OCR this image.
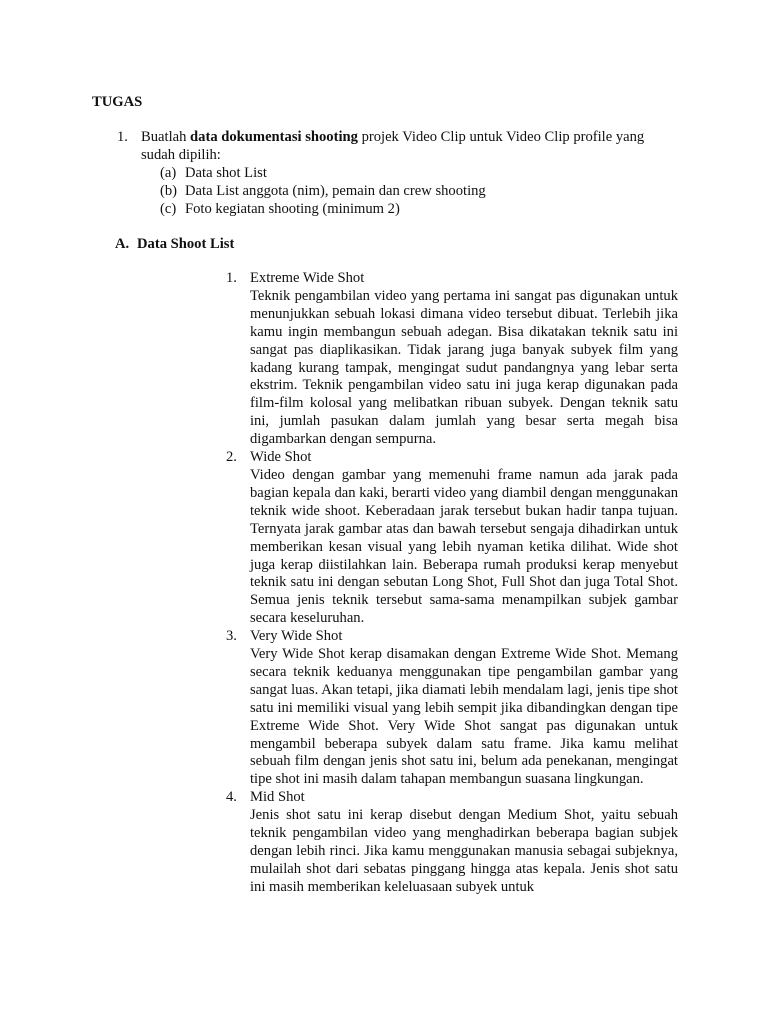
TUGAS

1. Buatlah data dokumentasi shooting projek Video Clip untuk Video Clip profile yang sudah dipilih:
(a) Data shot List
(b) Data List anggota (nim), pemain dan crew shooting
(c) Foto kegiatan shooting (minimum 2)

A. Data Shoot List

1. Extreme Wide Shot

Teknik pengambilan video yang pertama ini sangat pas digunakan untuk menunjukkan sebuah lokasi dimana video tersebut dibuat. Terlebih jika kamu ingin membangun sebuah adegan. Bisa dikatakan teknik satu ini sangat pas diaplikasikan. Tidak jarang juga banyak subyek film yang kadang kurang tampak, mengingat sudut pandangnya yang lebar serta ekstrim. Teknik pengambilan video satu ini juga kerap digunakan pada film-film kolosal yang melibatkan ribuan subyek. Dengan teknik satu ini, jumlah pasukan dalam jumlah yang besar serta megah bisa digambarkan dengan sempurna.

2. Wide Shot

Video dengan gambar yang memenuhi frame namun ada jarak pada bagian kepala dan kaki, berarti video yang diambil dengan menggunakan teknik wide shoot. Keberadaan jarak tersebut bukan hadir tanpa tujuan. Ternyata jarak gambar atas dan bawah tersebut sengaja dihadirkan untuk memberikan kesan visual yang lebih nyaman ketika dilihat. Wide shot juga kerap diistilahkan lain. Beberapa rumah produksi kerap menyebut teknik satu ini dengan sebutan Long Shot, Full Shot dan juga Total Shot. Semua jenis teknik tersebut sama-sama menampilkan subjek gambar secara keseluruhan.

3. Very Wide Shot

Very Wide Shot kerap disamakan dengan Extreme Wide Shot. Memang secara teknik keduanya menggunakan tipe pengambilan gambar yang sangat luas. Akan tetapi, jika diamati lebih mendalam lagi, jenis tipe shot satu ini memiliki visual yang lebih sempit jika dibandingkan dengan tipe Extreme Wide Shot. Very Wide Shot sangat pas digunakan untuk mengambil beberapa subyek dalam satu frame. Jika kamu melihat sebuah film dengan jenis shot satu ini, belum ada penekanan, mengingat tipe shot ini masih dalam tahapan membangun suasana lingkungan.

4. Mid Shot

Jenis shot satu ini kerap disebut dengan Medium Shot, yaitu sebuah teknik pengambilan video yang menghadirkan beberapa bagian subjek dengan lebih rinci. Jika kamu menggunakan manusia sebagai subjeknya, mulailah shot dari sebatas pinggang hingga atas kepala. Jenis shot satu ini masih memberikan keleluasaan subyek untuk
